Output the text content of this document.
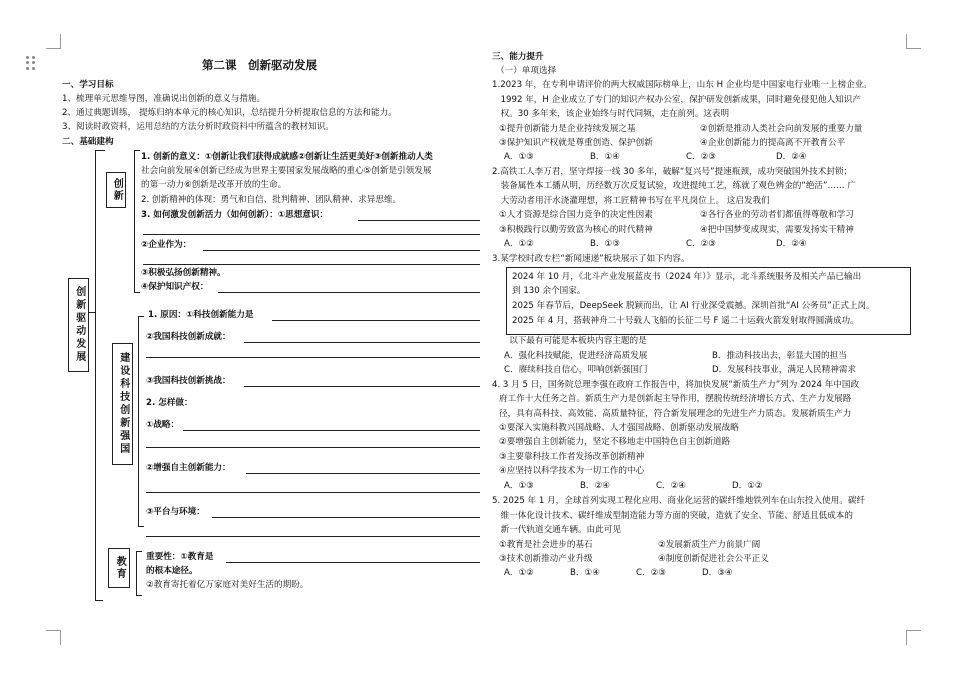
第二课　创新驱动发展
一、学习目标
1、梳理单元思维导图，准确说出创新的意义与措施。
2、通过典题训练， 提炼归纳本单元的核心知识，总结提升分析提取信息的方法和能力。
3、阅读时政资料，运用总结的方法分析时政资料中所蕴含的教材知识。
二、基础建构
创新驱动发展
创新
1. 创新的意义：①创新让我们获得成就感②创新让生活更美好③创新推动人类
社会向前发展④创新已经成为世界主要国家发展战略的重心⑤创新是引领发展
的第一动力⑥创新是改革开放的生命。
2. 创新精神的体现：勇气和自信、批判精神、团队精神、求异思维。
3. 如何激发创新活力（如何创新）：①思想意识：
②企业作为：
③积极弘扬创新精神。
④保护知识产权：
建设科技创新强国
1. 原因：①科技创新能力是
②我国科技创新成就：
③我国科技创新挑战：
2. 怎样做：
①战略：
②增强自主创新能力：
③平台与环境：
教育 重要性：①教育是
的根本途径。
②教育寄托着亿万家庭对美好生活的期盼。
三、能力提升
（一）单项选择
1.2023 年，在专利申请评价的两大权威国际榜单上，山东 H 企业均是中国家电行业唯一上榜企业。
　1992 年，H 企业成立了专门的知识产权办公室，保护研发创新成果，同时避免侵犯他人知识产
　权。30 多年来，该企业始终与时代同频，走在前列。这表明
①提升创新能力是企业持续发展之基	②创新是推动人类社会向前发展的重要力量
③保护知识产权就是尊重创造、保护创新	④企业创新能力的提高离不开教育公平
A．①③	B．①④	C．②③	D．②④
2.高铁工人李万君，坚守焊接一线 30 多年，破解“复兴号”提速瓶颈，成功突破国外技术封锁；
　装备属性本工播从明，历经数万次反复试验，攻进提纯工艺，练就了观色辨金的“绝活”…… 广
　大劳动者用汗水浇灌理想，将工匠精神书写在平凡岗位上。 这启发我们
①人才资源是综合国力竞争的决定性因素	②各行各业的劳动者们都值得尊敬和学习
③积极践行以勤劳致富为核心的时代精神	④把中国梦变成现实，需要发扬实干精神
A．①②	B．①③	C．②③	D．②④
3.某学校时政专栏“新闻速递”板块展示了如下内容。
2024 年 10 月，《北斗产业发展蓝皮书（2024 年）》显示，北斗系统服务及相关产品已输出
到 130 余个国家。
2025 年春节后，DeepSeek 脱颖而出，让 AI 行业深受震撼。深圳首批“AI 公务员”正式上岗。
2025 年 4 月，搭载神舟二十号载人飞船的长征二号 F 遥二十运载火箭发射取得圆满成功。
　　以下最有可能是本板块内容主题的是
A．强化科技赋能，促进经济高质发展	B．推动科技出去，彰显大国的担当
C．赓续科技自信心，叩响创新强国门	D．发展科技事业，满足人民精神需求
4. 3 月 5 日，国务院总理李强在政府工作报告中，将加快发展“新质生产力”列为 2024 年中国政
府工作十大任务之首。新质生产力是创新起主导作用，摆脱传统经济增长方式、生产力发展路
径，具有高科技、高效能、高质量特征，符合新发展理念的先进生产力质态。发展新质生产力
①要深入实施科教兴国战略、人才强国战略、创新驱动发展战略
②要增强自主创新能力，坚定不移地走中国特色自主创新道路
③主要靠科技工作者发扬改革创新精神
④应坚持以科学技术为一切工作的中心
A．①③	B．②④	C．②④	D．①②
5. 2025 年 1 月，全球首列实现工程化应用、商业化运营的碳纤维地铁列车在山东投入使用。碳纤
　维一体化设计技术、碳纤维成型制造能力等方面的突破，造就了安全、节能、舒适且低成本的
　新一代轨道交通车辆。由此可见
①教育是社会进步的基石	②发展新质生产力前景广阔
③技术创新推动产业升级	④制度创新促进社会公平正义
A．①②	B．①④	C．②③	D．③④
